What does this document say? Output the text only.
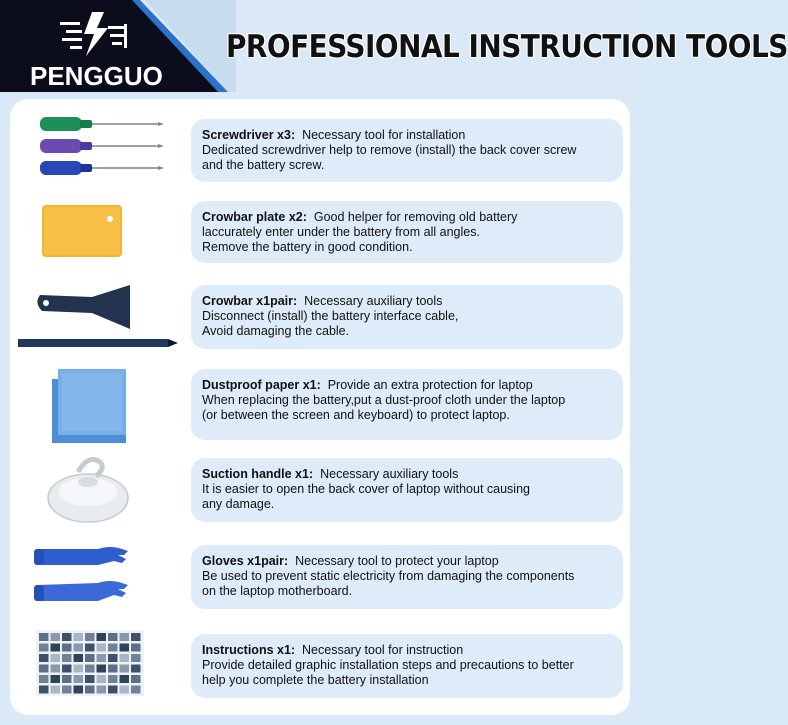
PENGGUO
PROFESSIONAL INSTRUCTION TOOLS
Screwdriver x3: Necessary tool for installation
Dedicated screwdriver help to remove (install) the back cover screw
and the battery screw.
Crowbar plate x2: Good helper for removing old battery
laccurately enter under the battery from all angles.
Remove the battery in good condition.
Crowbar x1pair: Necessary auxiliary tools
Disconnect (install) the battery interface cable,
Avoid damaging the cable.
Dustproof paper x1: Provide an extra protection for laptop
When replacing the battery,put a dust-proof cloth under the laptop
(or between the screen and keyboard) to protect laptop.
Suction handle x1: Necessary auxiliary tools
It is easier to open the back cover of laptop without causing
any damage.
Gloves x1pair: Necessary tool to protect your laptop
Be used to prevent static electricity from damaging the components
on the laptop motherboard.
Instructions x1: Necessary tool for instruction
Provide detailed graphic installation steps and precautions to better
help you complete the battery installation
